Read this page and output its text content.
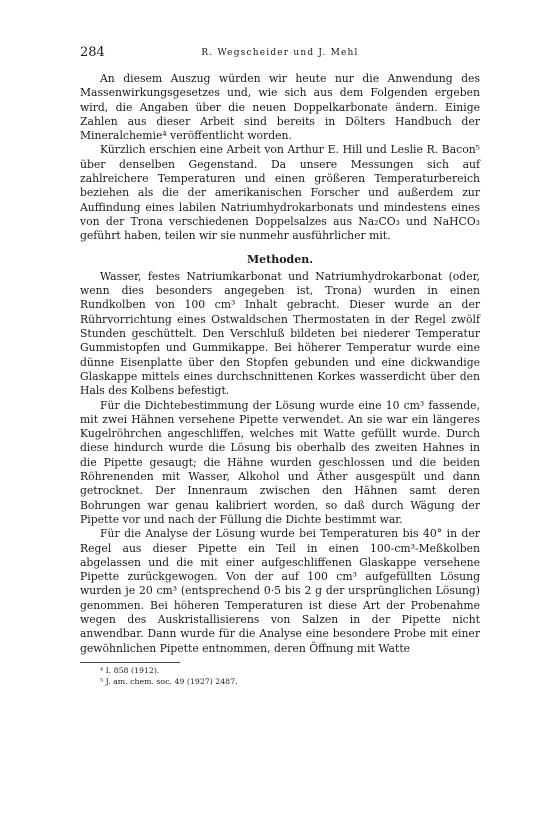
284	R. Wegscheider und J. Mehl

An diesem Auszug würden wir heute nur die Anwendung des Massenwirkungsgesetzes und, wie sich aus dem Folgenden ergeben wird, die Angaben über die neuen Doppelkarbonate ändern. Einige Zahlen aus dieser Arbeit sind bereits in Dölters Handbuch der Mineralchemie⁴ veröffentlicht worden.

Kürzlich erschien eine Arbeit von Arthur E. Hill und Leslie R. Bacon⁵ über denselben Gegenstand. Da unsere Messungen sich auf zahlreichere Temperaturen und einen größeren Temperaturbereich beziehen als die der amerikanischen Forscher und außerdem zur Auffindung eines labilen Natriumhydrokarbonats und mindestens eines von der Trona verschiedenen Doppelsalzes aus Na₂CO₃ und NaHCO₃ geführt haben, teilen wir sie nunmehr ausführlicher mit.

Methoden.

Wasser, festes Natriumkarbonat und Natriumhydrokarbonat (oder, wenn dies besonders angegeben ist, Trona) wurden in einen Rundkolben von 100 cm³ Inhalt gebracht. Dieser wurde an der Rührvorrichtung eines Ostwaldschen Thermostaten in der Regel zwölf Stunden geschüttelt. Den Verschluß bildeten bei niederer Temperatur Gummistopfen und Gummikappe. Bei höherer Temperatur wurde eine dünne Eisenplatte über den Stopfen gebunden und eine dickwandige Glaskappe mittels eines durchschnittenen Korkes wasserdicht über den Hals des Kolbens befestigt.

Für die Dichtebestimmung der Lösung wurde eine 10 cm³ fassende, mit zwei Hähnen versehene Pipette verwendet. An sie war ein längeres Kugelröhrchen angeschliffen, welches mit Watte gefüllt wurde. Durch diese hindurch wurde die Lösung bis oberhalb des zweiten Hahnes in die Pipette gesaugt; die Hähne wurden geschlossen und die beiden Röhrenenden mit Wasser, Alkohol und Äther ausgespült und dann getrocknet. Der Innenraum zwischen den Hähnen samt deren Bohrungen war genau kalibriert worden, so daß durch Wägung der Pipette vor und nach der Füllung die Dichte bestimmt war.

Für die Analyse der Lösung wurde bei Temperaturen bis 40° in der Regel aus dieser Pipette ein Teil in einen 100-cm³-Meßkolben abgelassen und die mit einer aufgeschliffenen Glaskappe versehene Pipette zurückgewogen. Von der auf 100 cm³ aufgefüllten Lösung wurden je 20 cm³ (entsprechend 0·5 bis 2 g der ursprünglichen Lösung) genommen. Bei höheren Temperaturen ist diese Art der Probenahme wegen des Auskristallisierens von Salzen in der Pipette nicht anwendbar. Dann wurde für die Analyse eine besondere Probe mit einer gewöhnlichen Pipette entnommen, deren Öffnung mit Watte

⁴ I. 858 (1912).
⁵ J. am. chem. soc. 49 (1927) 2487.
